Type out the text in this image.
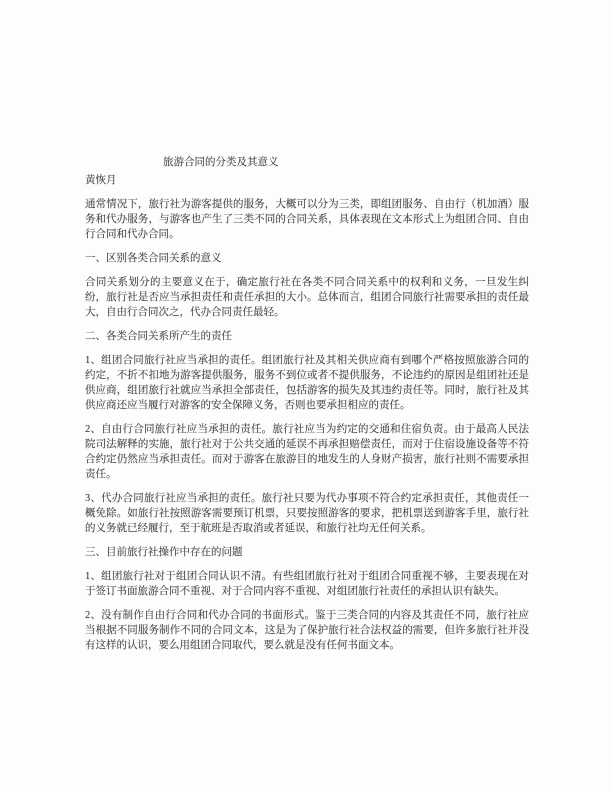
旅游合同的分类及其意义
黄恢月

通常情况下，旅行社为游客提供的服务，大概可以分为三类，即组团服务、自由行（机加酒）服务和代办服务，与游客也产生了三类不同的合同关系，具体表现在文本形式上为组团合同、自由行合同和代办合同。

一、区别各类合同关系的意义

合同关系划分的主要意义在于，确定旅行社在各类不同合同关系中的权利和义务，一旦发生纠纷，旅行社是否应当承担责任和责任承担的大小。总体而言，组团合同旅行社需要承担的责任最大，自由行合同次之，代办合同责任最轻。

二、各类合同关系所产生的责任

1、组团合同旅行社应当承担的责任。组团旅行社及其相关供应商有到哪个严格按照旅游合同的约定，不折不扣地为游客提供服务，服务不到位或者不提供服务，不论违约的原因是组团社还是供应商，组团旅行社就应当承担全部责任，包括游客的损失及其违约责任等。同时，旅行社及其供应商还应当履行对游客的安全保障义务，否则也要承担相应的责任。

2、自由行合同旅行社应当承担的责任。旅行社应当为约定的交通和住宿负责。由于最高人民法院司法解释的实施，旅行社对于公共交通的延误不再承担赔偿责任，而对于住宿设施设备等不符合约定仍然应当承担责任。而对于游客在旅游目的地发生的人身财产损害，旅行社则不需要承担责任。

3、代办合同旅行社应当承担的责任。旅行社只要为代办事项不符合约定承担责任，其他责任一概免除。如旅行社按照游客需要预订机票，只要按照游客的要求，把机票送到游客手里，旅行社的义务就已经履行，至于航班是否取消或者延误，和旅行社均无任何关系。

三、目前旅行社操作中存在的问题

1、组团旅行社对于组团合同认识不清。有些组团旅行社对于组团合同重视不够，主要表现在对于签订书面旅游合同不重视、对于合同内容不重视、对组团旅行社责任的承担认识有缺失。

2、没有制作自由行合同和代办合同的书面形式。鉴于三类合同的内容及其责任不同，旅行社应当根据不同服务制作不同的合同文本，这是为了保护旅行社合法权益的需要，但许多旅行社并没有这样的认识，要么用组团合同取代，要么就是没有任何书面文本。
